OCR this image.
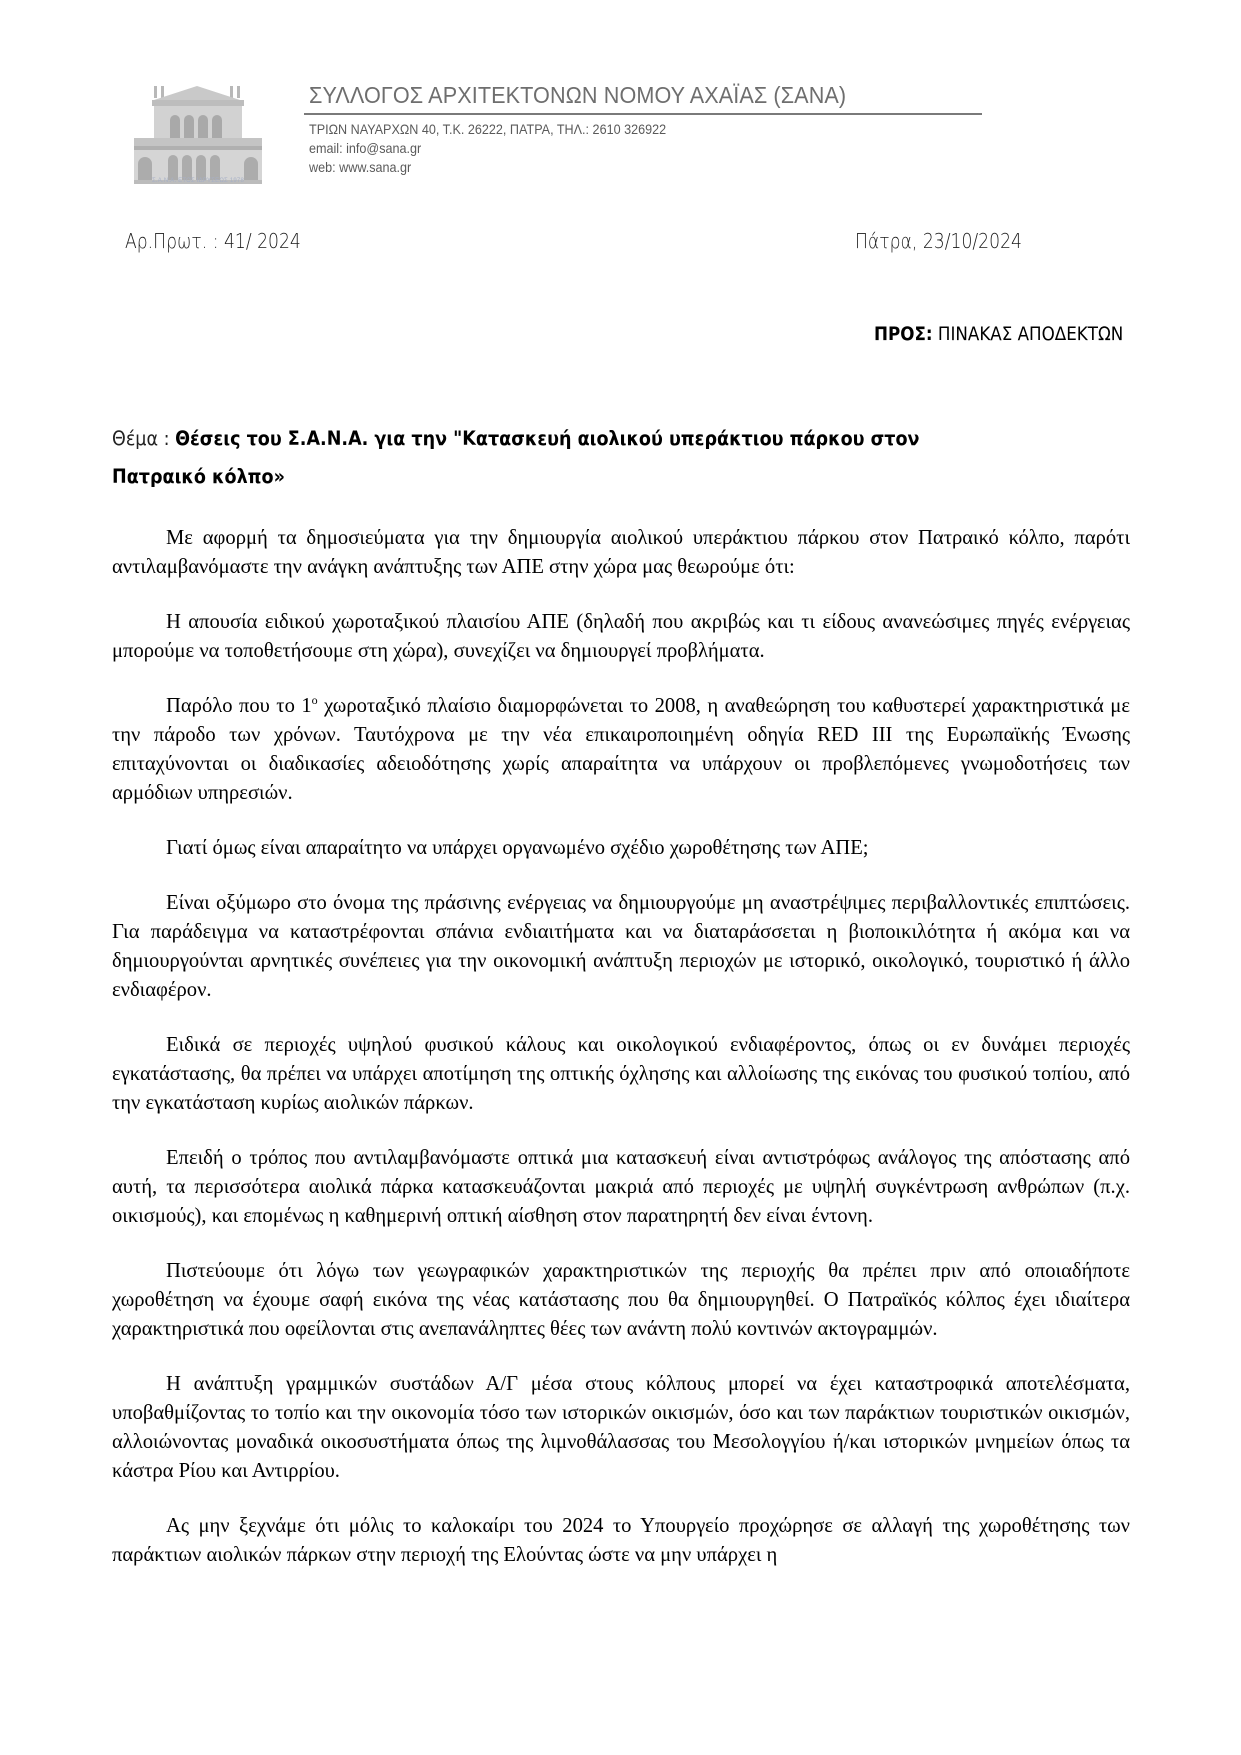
Σ.Α.Ν.Α. ΕΤΟΣ ΙΔΡΥΣΕΩΣ 1978
ΣΥΛΛΟΓΟΣ ΑΡΧΙΤΕΚΤΟΝΩΝ ΝΟΜΟΥ ΑΧΑΪΑΣ (ΣΑΝΑ)
ΤΡΙΩΝ ΝΑΥΑΡΧΩΝ 40, Τ.Κ. 26222, ΠΑΤΡΑ, ΤΗΛ.: 2610 326922
email: info@sana.gr
web: www.sana.gr
Αρ.Πρωτ. : 41/ 2024	Πάτρα, 23/10/2024
ΠΡΟΣ: ΠΙΝΑΚΑΣ ΑΠΟΔΕΚΤΩΝ
Θέμα : Θέσεις του Σ.Α.Ν.Α. για την "Κατασκευή αιολικού υπεράκτιου πάρκου στον Πατραικό κόλπο»

Με αφορμή τα δημοσιεύματα για την δημιουργία αιολικού υπεράκτιου πάρκου στον Πατραικό κόλπο, παρότι αντιλαμβανόμαστε την ανάγκη ανάπτυξης των ΑΠΕ στην χώρα μας θεωρούμε ότι:

Η απουσία ειδικού χωροταξικού πλαισίου ΑΠΕ (δηλαδή που ακριβώς και τι είδους ανανεώσιμες πηγές ενέργειας μπορούμε να τοποθετήσουμε στη χώρα), συνεχίζει να δημιουργεί προβλήματα.

Παρόλο που το $1^o$ χωροταξικό πλαίσιο διαμορφώνεται το 2008, η αναθεώρηση του καθυστερεί χαρακτηριστικά με την πάροδο των χρόνων. Ταυτόχρονα με την νέα επικαιροποιημένη οδηγία RED III της Ευρωπαϊκής Ένωσης επιταχύνονται οι διαδικασίες αδειοδότησης χωρίς απαραίτητα να υπάρχουν οι προβλεπόμενες γνωμοδοτήσεις των αρμόδιων υπηρεσιών.

Γιατί όμως είναι απαραίτητο να υπάρχει οργανωμένο σχέδιο χωροθέτησης των ΑΠΕ;

Είναι οξύμωρο στο όνομα της πράσινης ενέργειας να δημιουργούμε μη αναστρέψιμες περιβαλλοντικές επιπτώσεις. Για παράδειγμα να καταστρέφονται σπάνια ενδιαιτήματα και να διαταράσσεται η βιοποικιλότητα ή ακόμα και να δημιουργούνται αρνητικές συνέπειες για την οικονομική ανάπτυξη περιοχών με ιστορικό, οικολογικό, τουριστικό ή άλλο ενδιαφέρον.

Ειδικά σε περιοχές υψηλού φυσικού κάλους και οικολογικού ενδιαφέροντος, όπως οι εν δυνάμει περιοχές εγκατάστασης, θα πρέπει να υπάρχει αποτίμηση της οπτικής όχλησης και αλλοίωσης της εικόνας του φυσικού τοπίου, από την εγκατάσταση κυρίως αιολικών πάρκων.

Επειδή ο τρόπος που αντιλαμβανόμαστε οπτικά μια κατασκευή είναι αντιστρόφως ανάλογος της απόστασης από αυτή, τα περισσότερα αιολικά πάρκα κατασκευάζονται μακριά από περιοχές με υψηλή συγκέντρωση ανθρώπων (π.χ. οικισμούς), και επομένως η καθημερινή οπτική αίσθηση στον παρατηρητή δεν είναι έντονη.

Πιστεύουμε ότι λόγω των γεωγραφικών χαρακτηριστικών της περιοχής θα πρέπει πριν από οποιαδήποτε χωροθέτηση να έχουμε σαφή εικόνα της νέας κατάστασης που θα δημιουργηθεί. Ο Πατραϊκός κόλπος έχει ιδιαίτερα χαρακτηριστικά που οφείλονται στις ανεπανάληπτες θέες των ανάντη πολύ κοντινών ακτογραμμών.

Η ανάπτυξη γραμμικών συστάδων Α/Γ μέσα στους κόλπους μπορεί να έχει καταστροφικά αποτελέσματα, υποβαθμίζοντας το τοπίο και την οικονομία τόσο των ιστορικών οικισμών, όσο και των παράκτιων τουριστικών οικισμών, αλλοιώνοντας μοναδικά οικοσυστήματα όπως της λιμνοθάλασσας του Μεσολογγίου ή/και ιστορικών μνημείων όπως τα κάστρα Ρίου και Αντιρρίου.

Ας μην ξεχνάμε ότι μόλις το καλοκαίρι του 2024 το Υπουργείο προχώρησε σε αλλαγή της χωροθέτησης των παράκτιων αιολικών πάρκων στην περιοχή της Ελούντας ώστε να μην υπάρχει η
